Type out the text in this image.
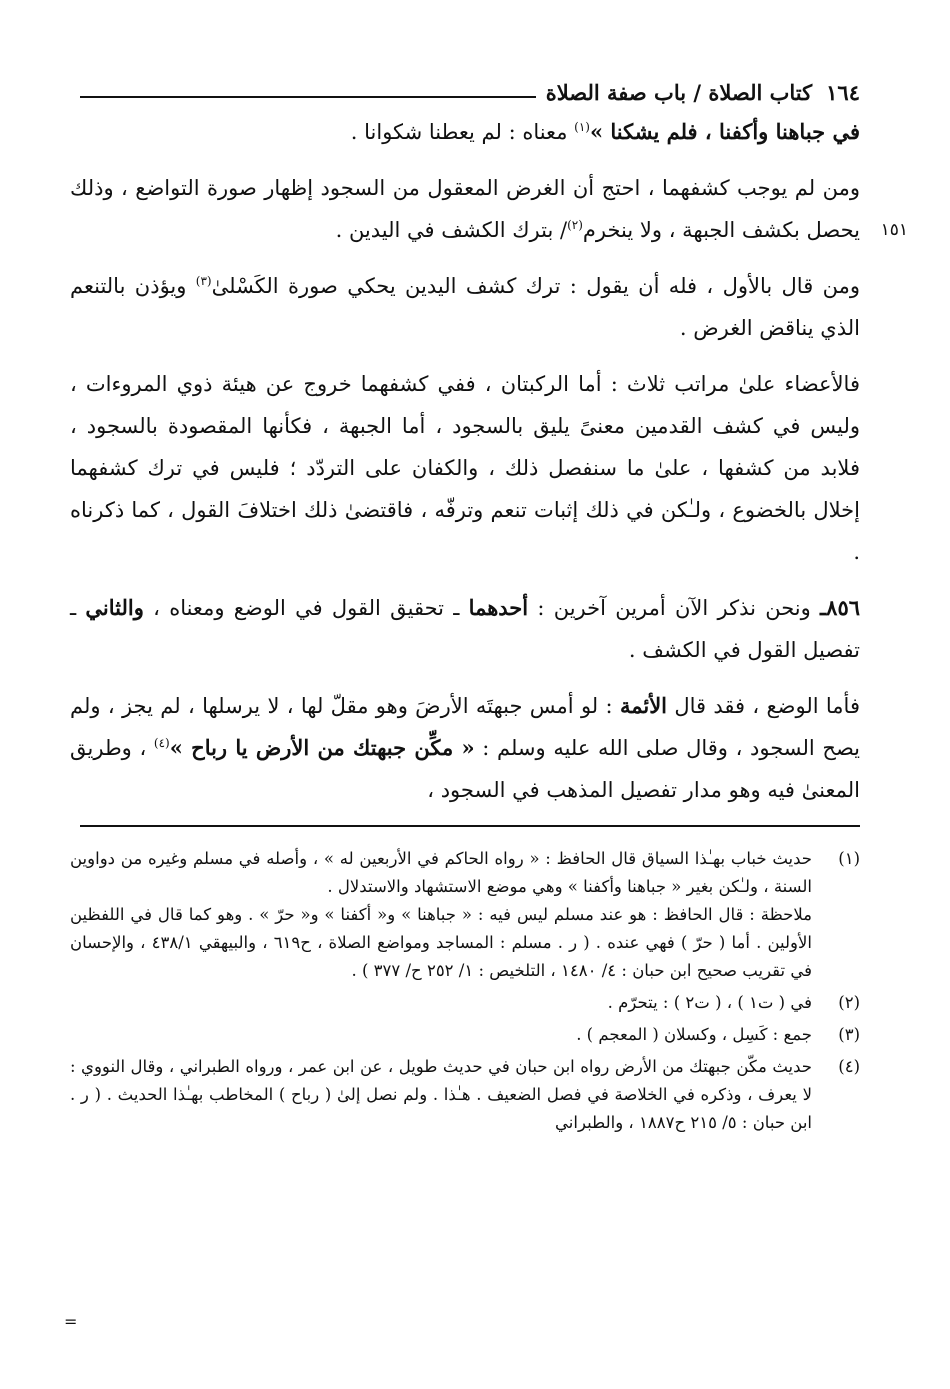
١٦٤
كتاب الصلاة / باب صفة الصلاة

في جباهنا وأكفنا ، فلم يشكنا »$^{(١)}$ معناه : لم يعطنا شكوانا .

١٥١
ومن لم يوجب كشفهما ، احتج أن الغرض المعقول من السجود إظهار صورة التواضع ، وذلك يحصل بكشف الجبهة ، ولا ينخرم$^{(٢)}$/ بترك الكشف في اليدين .

ومن قال بالأول ، فله أن يقول : ترك كشف اليدين يحكي صورة الكَسْلىٰ$^{(٣)}$ ويؤذن بالتنعم الذي يناقض الغرض .

فالأعضاء علىٰ مراتب ثلاث : أما الركبتان ، ففي كشفهما خروج عن هيئة ذوي المروءات ، وليس في كشف القدمين معنىً يليق بالسجود ، أما الجبهة ، فكأنها المقصودة بالسجود ، فلابد من كشفها ، علىٰ ما سنفصل ذلك ، والكفان على التردّد ؛ فليس في ترك كشفهما إخلال بالخضوع ، ولـٰكن في ذلك إثبات تنعم وترفّه ، فاقتضىٰ ذلك اختلافَ القول ، كما ذكرناه .

٨٥٦ـ ونحن نذكر الآن أمرين آخرين : أحدهما ـ تحقيق القول في الوضع ومعناه ، والثاني ـ تفصيل القول في الكشف .

فأما الوضع ، فقد قال الأئمة : لو أمس جبهتَه الأرضَ وهو مقلّ لها ، لا يرسلها ، لم يجز ، ولم يصح السجود ، وقال صلى الله عليه وسلم : « مكِّن جبهتك من الأرض يا رباح »$^{(٤)}$ ، وطريق المعنىٰ فيه وهو مدار تفصيل المذهب في السجود ،

(١)
حديث خباب بهـٰذا السياق قال الحافظ : « رواه الحاكم في الأربعين له » ، وأصله في مسلم وغيره من دواوين السنة ، ولـٰكن بغير « جباهنا وأكفنا » وهي موضع الاستشهاد والاستدلال .
ملاحظة : قال الحافظ : هو عند مسلم ليس فيه : « جباهنا » و« أكفنا » و« حرّ » . وهو كما قال في اللفظين الأولين . أما ( حرّ ) فهي عنده . ( ر . مسلم : المساجد ومواضع الصلاة ، ح٦١٩ ، والبيهقي ٤٣٨/١ ، والإحسان في تقريب صحيح ابن حبان : ٤/ ١٤٨٠ ، التلخيص : ١/ ٢٥٢ ح/ ٣٧٧ ) .
(٢)
في ( ت١ ) ، ( ت٢ ) : يتحرّم .
(٣)
جمع : كَسِل ، وكسلان ( المعجم ) .
(٤)
حديث مكّن جبهتك من الأرض رواه ابن حبان في حديث طويل ، عن ابن عمر ، ورواه الطبراني ، وقال النووي : لا يعرف ، وذكره في الخلاصة في فصل الضعيف . هـٰذا . ولم نصل إلىٰ ( رباح ) المخاطب بهـٰذا الحديث . ( ر . ابن حبان : ٥/ ٢١٥ ح١٨٨٧ ، والطبراني
=
